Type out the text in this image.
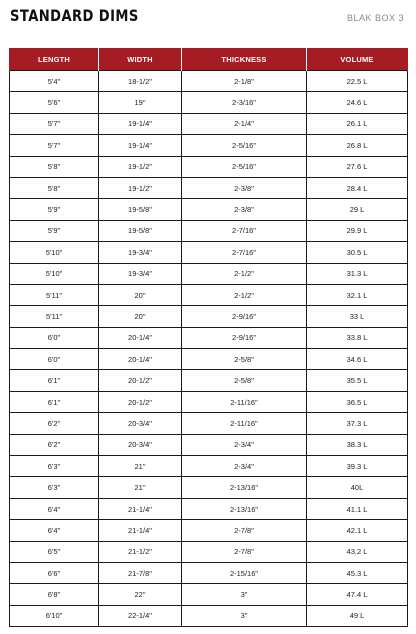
STANDARD DIMS	BLAK BOX 3
LENGTH	WIDTH	THICKNESS	VOLUME
5'4"	18-1/2"	2-1/8"	22.5 L
5'6"	19"	2-3/16"	24.6 L
5'7"	19-1/4"	2-1/4"	26.1 L
5'7"	19-1/4"	2-5/16"	26.8 L
5'8"	19-1/2"	2-5/16"	27.6 L
5'8"	19-1/2"	2-3/8"	28.4 L
5'9"	19-5/8"	2-3/8"	29 L
5'9"	19-5/8"	2-7/16"	29.9 L
5'10"	19-3/4"	2-7/16"	30.5 L
5'10"	19-3/4"	2-1/2"	31.3 L
5'11"	20"	2-1/2"	32.1 L
5'11"	20"	2-9/16"	33 L
6'0"	20-1/4"	2-9/16"	33.8 L
6'0"	20-1/4"	2-5/8"	34.6 L
6'1"	20-1/2"	2-5/8"	35.5 L
6'1"	20-1/2"	2-11/16"	36.5 L
6'2"	20-3/4"	2-11/16"	37.3 L
6'2"	20-3/4"	2-3/4"	38.3 L
6'3"	21"	2-3/4"	39.3 L
6'3"	21"	2-13/16"	40L
6'4"	21-1/4"	2-13/16"	41.1 L
6'4"	21-1/4"	2-7/8"	42.1 L
6'5"	21-1/2"	2-7/8"	43.2 L
6'6"	21-7/8"	2-15/16"	45.3 L
6'8"	22"	3"	47.4 L
6'10"	22-1/4"	3"	49 L
